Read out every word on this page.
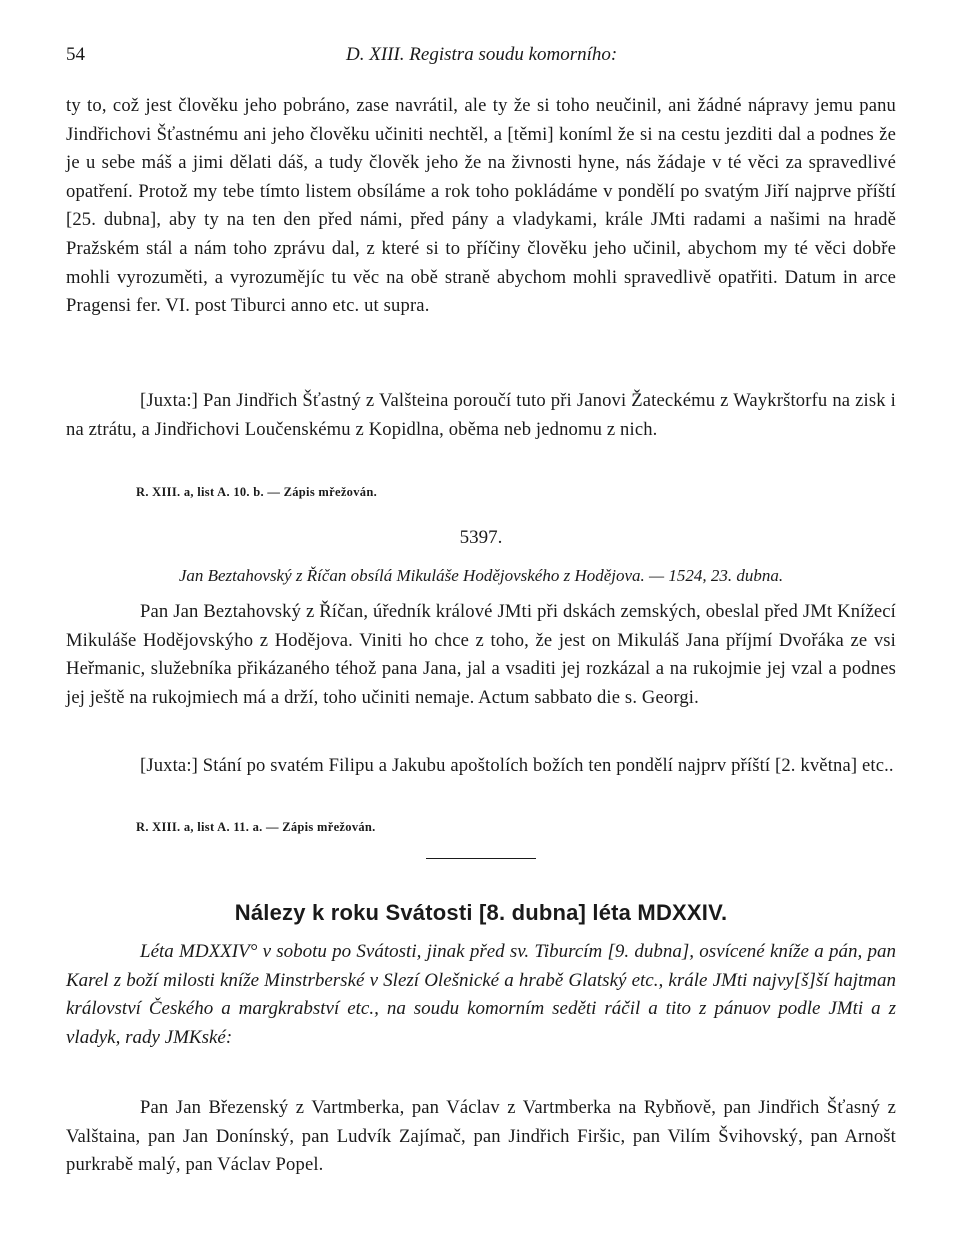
54	D. XIII. Registra soudu komorního:

ty to, což jest člověku jeho pobráno, zase navrátil, ale ty že si toho neučinil, ani žádné nápravy jemu panu Jindřichovi Šťastnému ani jeho člověku učiniti nechtěl, a [těmi] koníml že si na cestu jezditi dal a podnes že je u sebe máš a jimi dělati dáš, a tudy člověk jeho že na živnosti hyne, nás žádaje v té věci za spravedlivé opatření. Protož my tebe tímto listem obsíláme a rok toho pokládáme v pondělí po svatým Jiří najprve příští [25. dubna], aby ty na ten den před námi, před pány a vladykami, krále JMti radami a našimi na hradě Pražském stál a nám toho zprávu dal, z které si to příčiny člověku jeho učinil, abychom my té věci dobře mohli vyrozuměti, a vyrozumějíc tu věc na obě straně abychom mohli spravedlivě opatřiti. Datum in arce Pragensi fer. VI. post Tiburci anno etc. ut supra.

[Juxta:] Pan Jindřich Šťastný z Valšteina poroučí tuto při Janovi Žateckému z Waykrštorfu na zisk i na ztrátu, a Jindřichovi Loučenskému z Kopidlna, oběma neb jednomu z nich.

R. XIII. a, list A. 10. b. — Zápis mřežován.

5397.

Jan Beztahovský z Říčan obsílá Mikuláše Hodějovského z Hodějova. — 1524, 23. dubna.

Pan Jan Beztahovský z Říčan, úředník králové JMti při dskách zemských, obeslal před JMt Knížecí Mikuláše Hodějovskýho z Hodějova. Viniti ho chce z toho, že jest on Mikuláš Jana příjmí Dvořáka ze vsi Heřmanic, služebníka přikázaného téhož pana Jana, jal a vsaditi jej rozkázal a na rukojmie jej vzal a podnes jej ještě na rukojmiech má a drží, toho učiniti nemaje. Actum sabbato die s. Georgi.

[Juxta:] Stání po svatém Filipu a Jakubu apoštolích božích ten pondělí najprv příští [2. května] etc..

R. XIII. a, list A. 11. a. — Zápis mřežován.

Nálezy k roku Svátosti [8. dubna] léta MDXXIV.

Léta MDXXIV° v sobotu po Svátosti, jinak před sv. Tiburcím [9. dubna], osvícené kníže a pán, pan Karel z boží milosti kníže Minstrberské v Slezí Olešnické a hrabě Glatský etc., krále JMti najvy[š]ší hajtman království Českého a margkrabství etc., na soudu komorním seděti ráčil a tito z pánuov podle JMti a z vladyk, rady JMKské:

Pan Jan Březenský z Vartmberka, pan Václav z Vartmberka na Rybňově, pan Jindřich Šťasný z Valštaina, pan Jan Donínský, pan Ludvík Zajímač, pan Jindřich Firšic, pan Vilím Švihovský, pan Arnošt purkrabě malý, pan Václav Popel.
